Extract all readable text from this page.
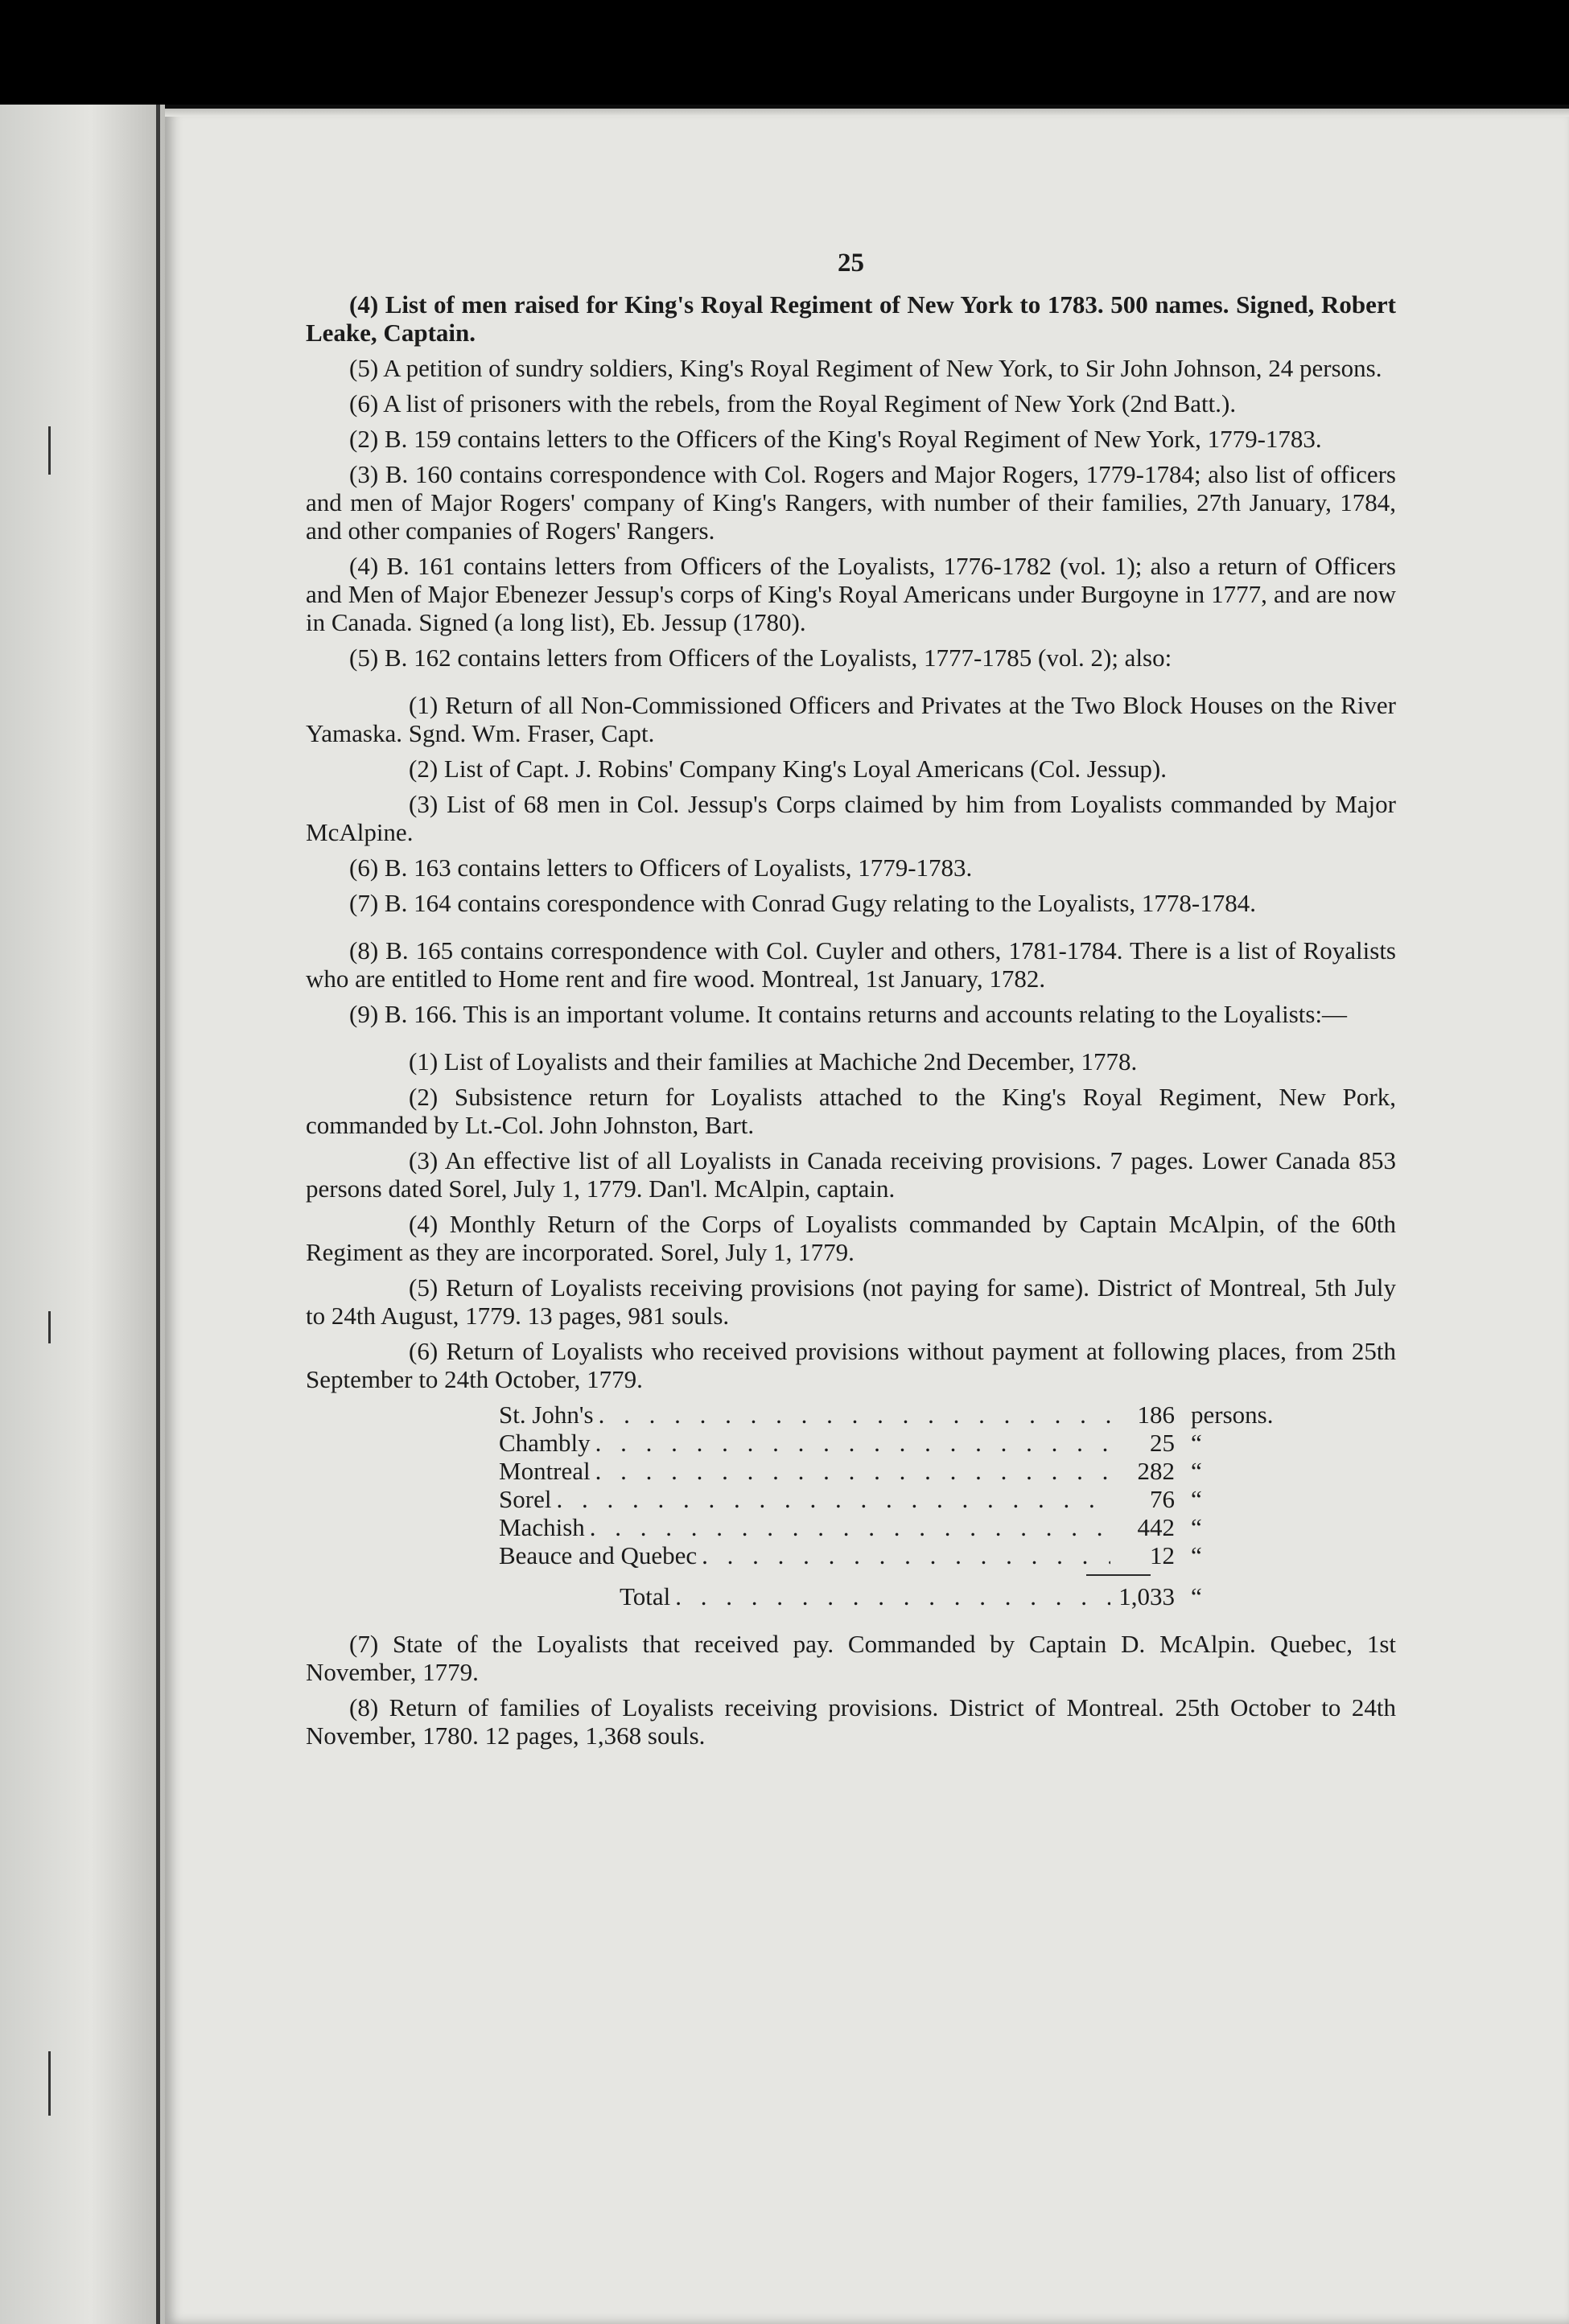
25

(4) List of men raised for King's Royal Regiment of New York to 1783. 500 names. Signed, Robert Leake, Captain.

(5) A petition of sundry soldiers, King's Royal Regiment of New York, to Sir John Johnson, 24 persons.

(6) A list of prisoners with the rebels, from the Royal Regiment of New York (2nd Batt.).

(2) B. 159 contains letters to the Officers of the King's Royal Regiment of New York, 1779-1783.

(3) B. 160 contains correspondence with Col. Rogers and Major Rogers, 1779-1784; also list of officers and men of Major Rogers' company of King's Rangers, with number of their families, 27th January, 1784, and other companies of Rogers' Rangers.

(4) B. 161 contains letters from Officers of the Loyalists, 1776-1782 (vol. 1); also a return of Officers and Men of Major Ebenezer Jessup's corps of King's Royal Americans under Burgoyne in 1777, and are now in Canada. Signed (a long list), Eb. Jessup (1780).

(5) B. 162 contains letters from Officers of the Loyalists, 1777-1785 (vol. 2); also:

(1) Return of all Non-Commissioned Officers and Privates at the Two Block Houses on the River Yamaska. Sgnd. Wm. Fraser, Capt.

(2) List of Capt. J. Robins' Company King's Loyal Americans (Col. Jessup).

(3) List of 68 men in Col. Jessup's Corps claimed by him from Loyalists commanded by Major McAlpine.

(6) B. 163 contains letters to Officers of Loyalists, 1779-1783.

(7) B. 164 contains corespondence with Conrad Gugy relating to the Loyalists, 1778-1784.

(8) B. 165 contains correspondence with Col. Cuyler and others, 1781-1784. There is a list of Royalists who are entitled to Home rent and fire wood. Montreal, 1st January, 1782.

(9) B. 166. This is an important volume. It contains returns and accounts relating to the Loyalists:—

(1) List of Loyalists and their families at Machiche 2nd December, 1778.

(2) Subsistence return for Loyalists attached to the King's Royal Regiment, New Pork, commanded by Lt.-Col. John Johnston, Bart.

(3) An effective list of all Loyalists in Canada receiving provisions. 7 pages. Lower Canada 853 persons dated Sorel, July 1, 1779. Dan'l. McAlpin, captain.

(4) Monthly Return of the Corps of Loyalists commanded by Captain McAlpin, of the 60th Regiment as they are incorporated. Sorel, July 1, 1779.

(5) Return of Loyalists receiving provisions (not paying for same). District of Montreal, 5th July to 24th August, 1779. 13 pages, 981 souls.

(6) Return of Loyalists who received provisions without payment at following places, from 25th September to 24th October, 1779.

St. John's . . .	186 persons.
Chambly . . .	25 “
Montreal . . .	282 “
Sorel . . .	76 “
Machish . . .	442 “
Beauce and Quebec . . .	12 “
Total . . .	1,033 “

(7) State of the Loyalists that received pay. Commanded by Captain D. McAlpin. Quebec, 1st November, 1779.

(8) Return of families of Loyalists receiving provisions. District of Montreal. 25th October to 24th November, 1780. 12 pages, 1,368 souls.
